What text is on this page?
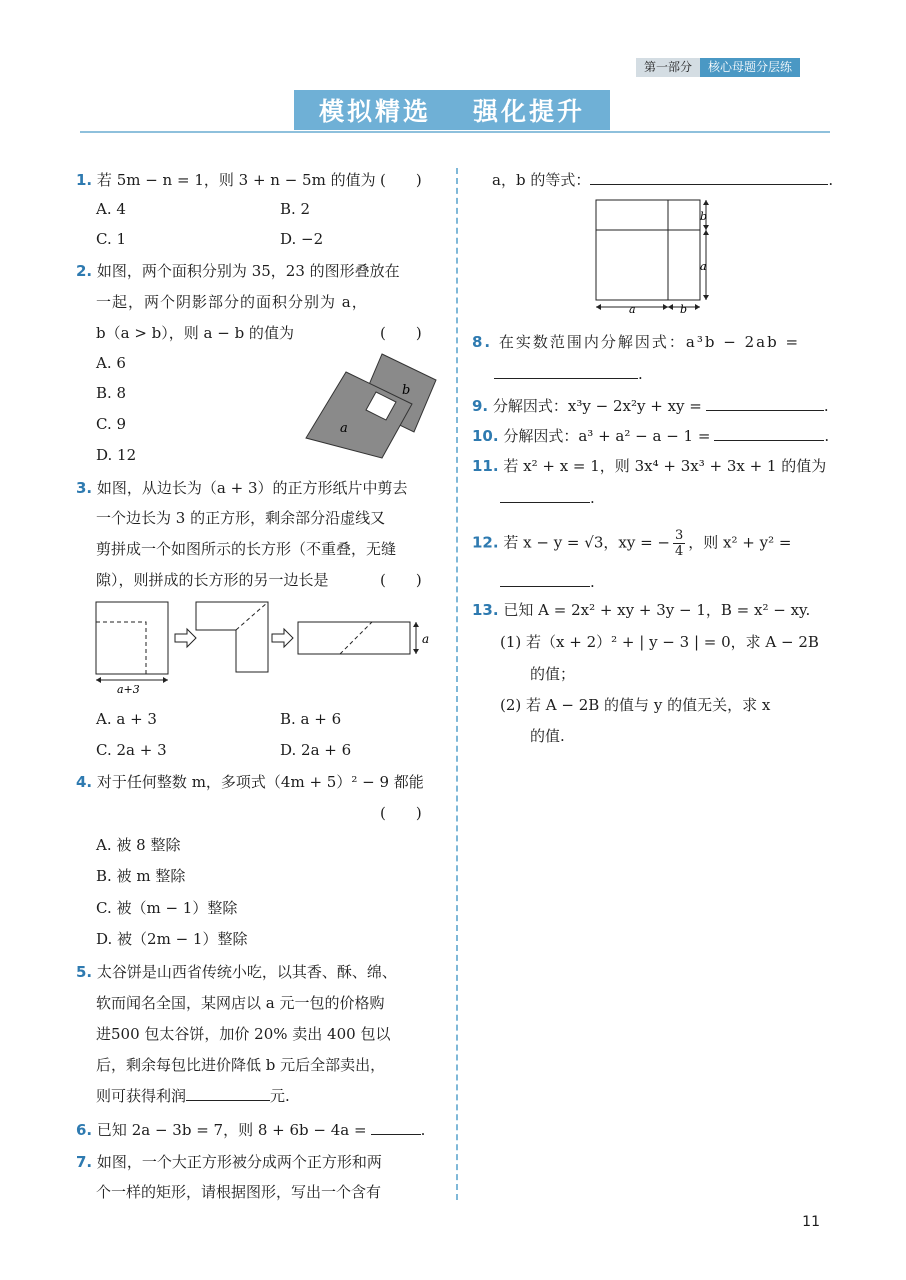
第一部分	核心母题分层练
模拟精选 强化提升
1. 若 5m − n = 1，则 3 + n − 5m 的值为 (　　)
A. 4	B. 2
C. 1	D. −2
2. 如图，两个面积分别为 35，23 的图形叠放在
一起，两个阴影部分的面积分别为 a，
b（a > b），则 a − b 的值为	(　　)
A. 6
B. 8
C. 9
D. 12
a
b
3. 如图，从边长为（a + 3）的正方形纸片中剪去
一个边长为 3 的正方形，剩余部分沿虚线又
剪拼成一个如图所示的长方形（不重叠，无缝
隙），则拼成的长方形的另一边长是	(　　)
a+3
a
A. a + 3	B. a + 6
C. 2a + 3	D. 2a + 6
4. 对于任何整数 m，多项式（4m + 5）² − 9 都能
(　　)
A. 被 8 整除
B. 被 m 整除
C. 被（m − 1）整除
D. 被（2m − 1）整除
5. 太谷饼是山西省传统小吃，以其香、酥、绵、
软而闻名全国，某网店以 a 元一包的价格购
进500 包太谷饼，加价 20% 卖出 400 包以
后，剩余每包比进价降低 b 元后全部卖出，
则可获得利润	元.
6. 已知 2a − 3b = 7，则 8 + 6b − 4a =	.
7. 如图，一个大正方形被分成两个正方形和两
个一样的矩形，请根据图形，写出一个含有
a，b 的等式：	.
b
a
a	b
8. 在实数范围内分解因式：a³b − 2ab =
.
9. 分解因式：x³y − 2x²y + xy =	.
10. 分解因式：a³ + a² − a − 1 =	.
11. 若 x² + x = 1，则 3x⁴ + 3x³ + 3x + 1 的值为
.
12. 若 x − y = √3，xy = − $\frac{3}{4}$ ，则 x² + y² =
.
13. 已知 A = 2x² + xy + 3y − 1，B = x² − xy.
(1) 若（x + 2）² + | y − 3 | = 0，求 A − 2B
的值；
(2) 若 A − 2B 的值与 y 的值无关，求 x
的值.
11
